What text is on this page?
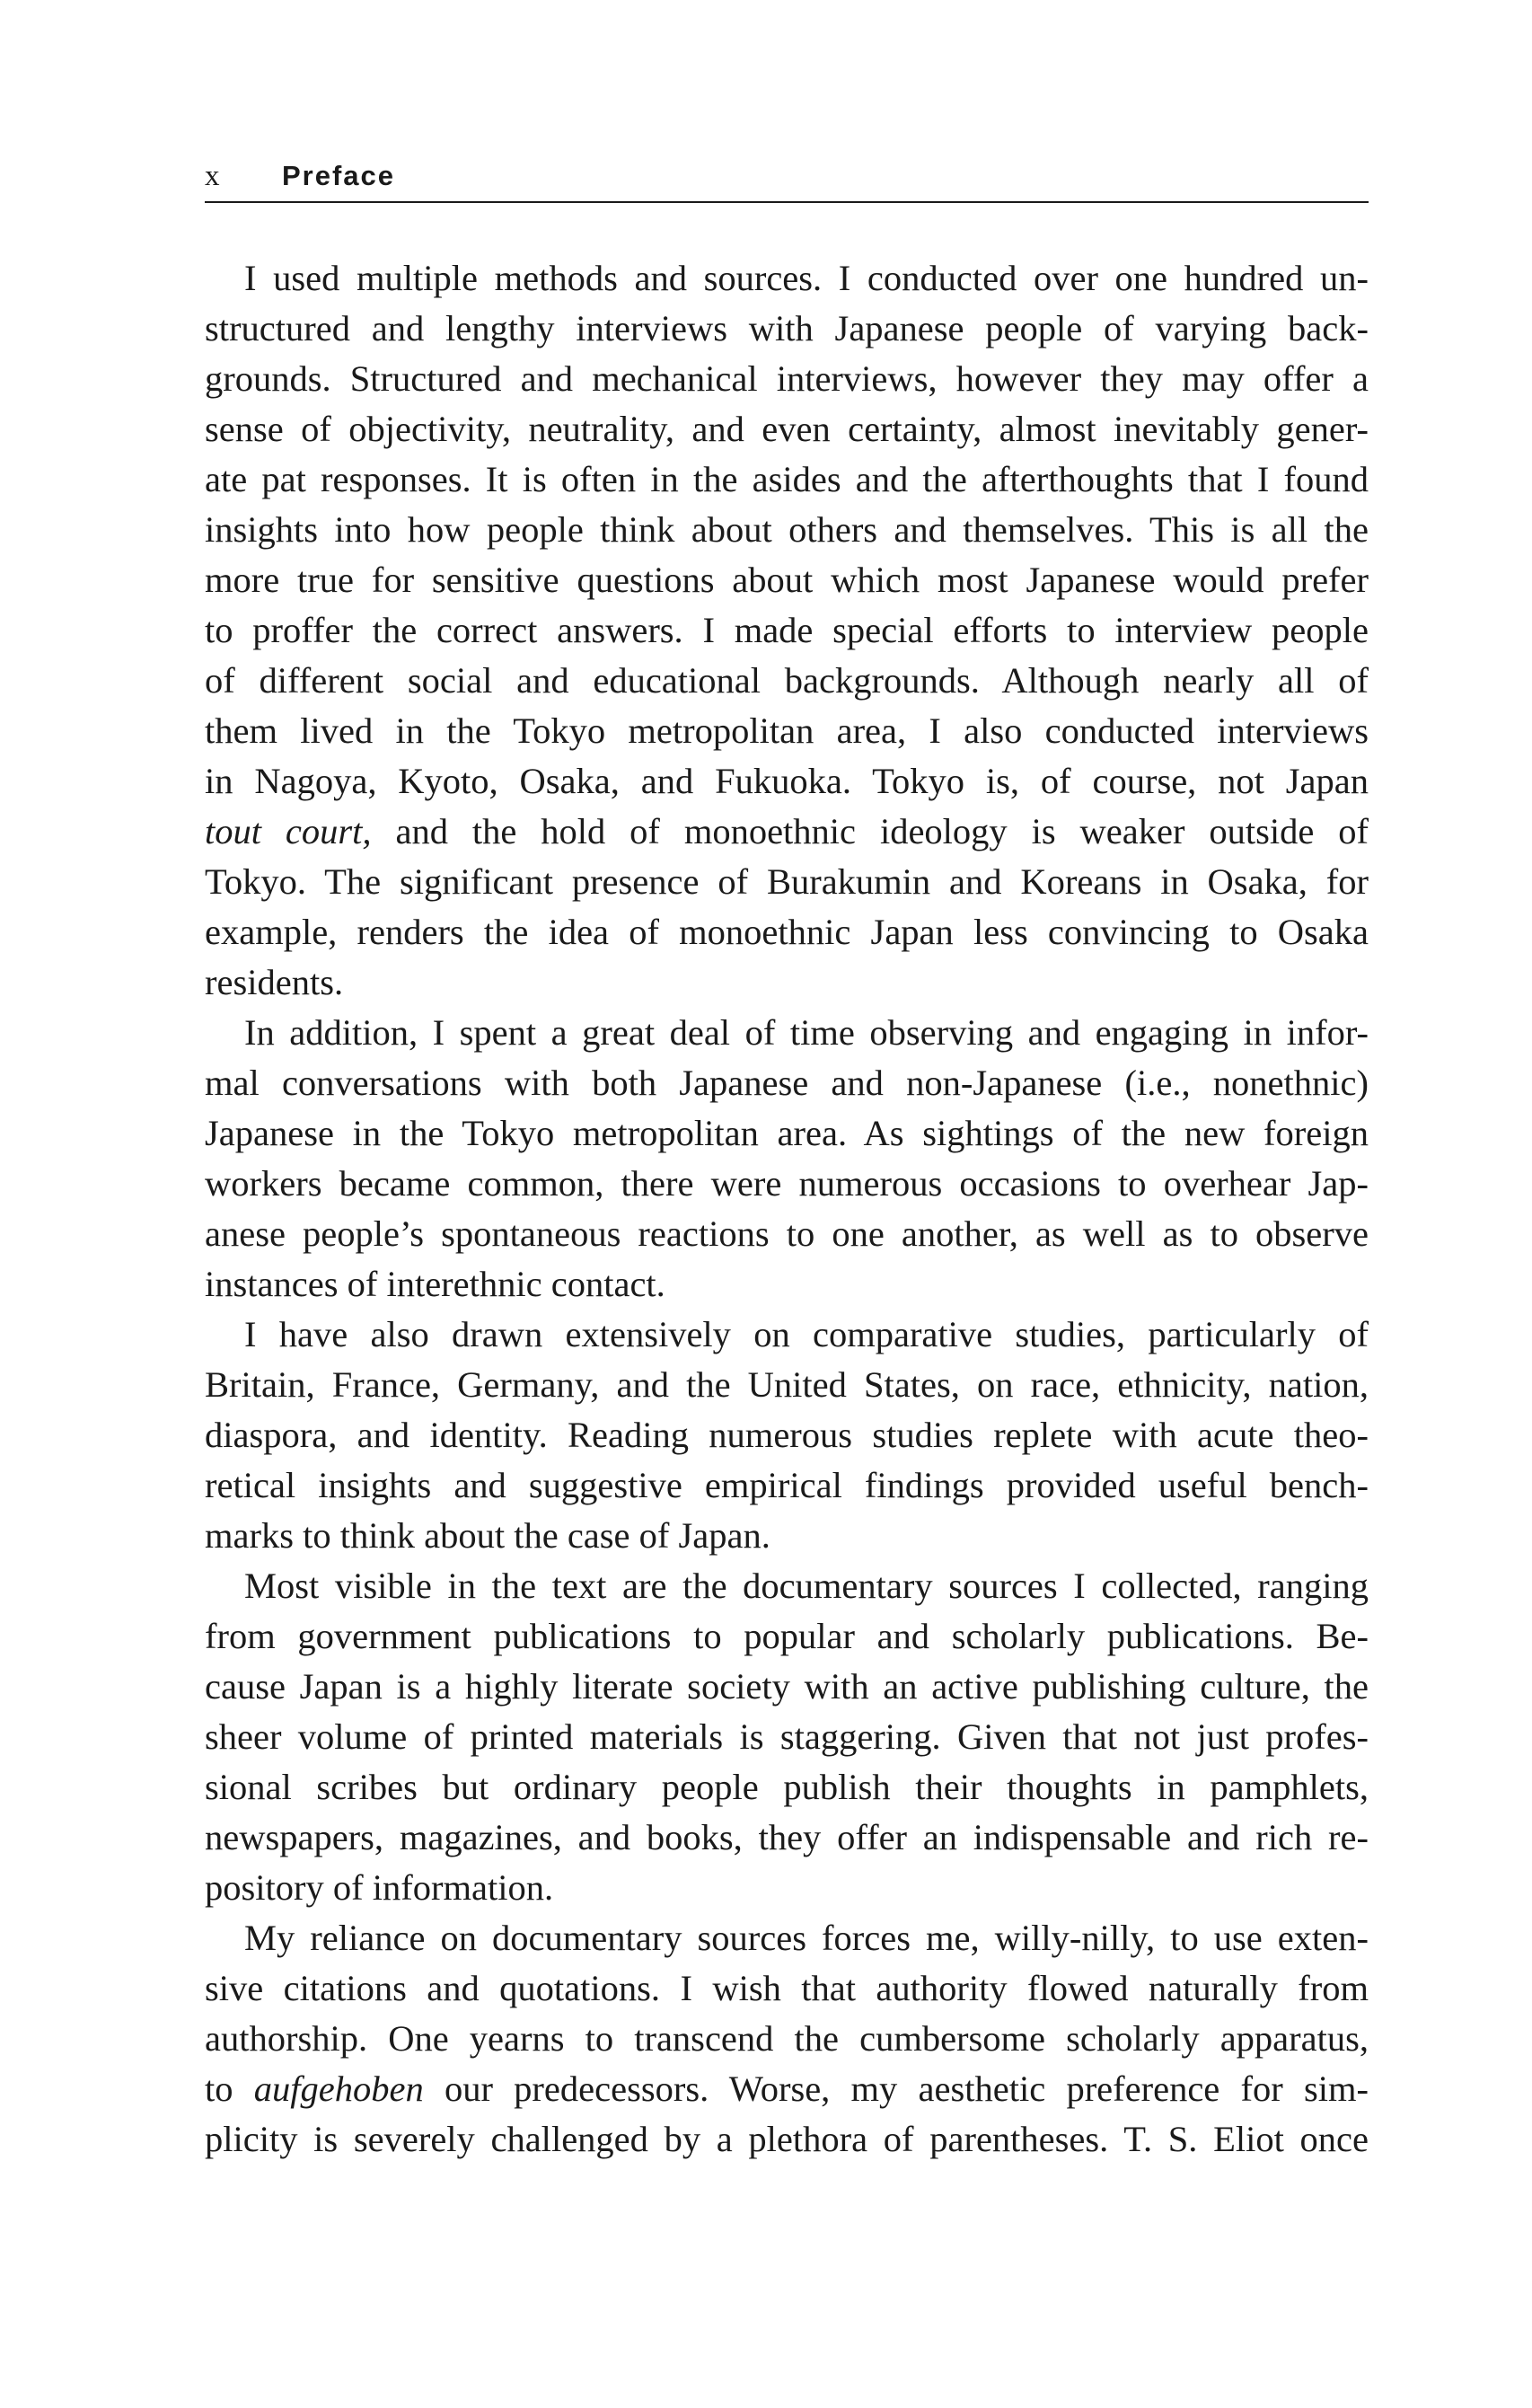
x Preface
I used multiple methods and sources. I conducted over one hundred un-
structured and lengthy interviews with Japanese people of varying back-
grounds. Structured and mechanical interviews, however they may offer a
sense of objectivity, neutrality, and even certainty, almost inevitably gener-
ate pat responses. It is often in the asides and the afterthoughts that I found
insights into how people think about others and themselves. This is all the
more true for sensitive questions about which most Japanese would prefer
to proffer the correct answers. I made special efforts to interview people
of different social and educational backgrounds. Although nearly all of
them lived in the Tokyo metropolitan area, I also conducted interviews
in Nagoya, Kyoto, Osaka, and Fukuoka. Tokyo is, of course, not Japan
tout court, and the hold of monoethnic ideology is weaker outside of
Tokyo. The significant presence of Burakumin and Koreans in Osaka, for
example, renders the idea of monoethnic Japan less convincing to Osaka
residents.
In addition, I spent a great deal of time observing and engaging in infor-
mal conversations with both Japanese and non-Japanese (i.e., nonethnic)
Japanese in the Tokyo metropolitan area. As sightings of the new foreign
workers became common, there were numerous occasions to overhear Jap-
anese people’s spontaneous reactions to one another, as well as to observe
instances of interethnic contact.
I have also drawn extensively on comparative studies, particularly of
Britain, France, Germany, and the United States, on race, ethnicity, nation,
diaspora, and identity. Reading numerous studies replete with acute theo-
retical insights and suggestive empirical findings provided useful bench-
marks to think about the case of Japan.
Most visible in the text are the documentary sources I collected, ranging
from government publications to popular and scholarly publications. Be-
cause Japan is a highly literate society with an active publishing culture, the
sheer volume of printed materials is staggering. Given that not just profes-
sional scribes but ordinary people publish their thoughts in pamphlets,
newspapers, magazines, and books, they offer an indispensable and rich re-
pository of information.
My reliance on documentary sources forces me, willy-nilly, to use exten-
sive citations and quotations. I wish that authority flowed naturally from
authorship. One yearns to transcend the cumbersome scholarly apparatus,
to aufgehoben our predecessors. Worse, my aesthetic preference for sim-
plicity is severely challenged by a plethora of parentheses. T. S. Eliot once
